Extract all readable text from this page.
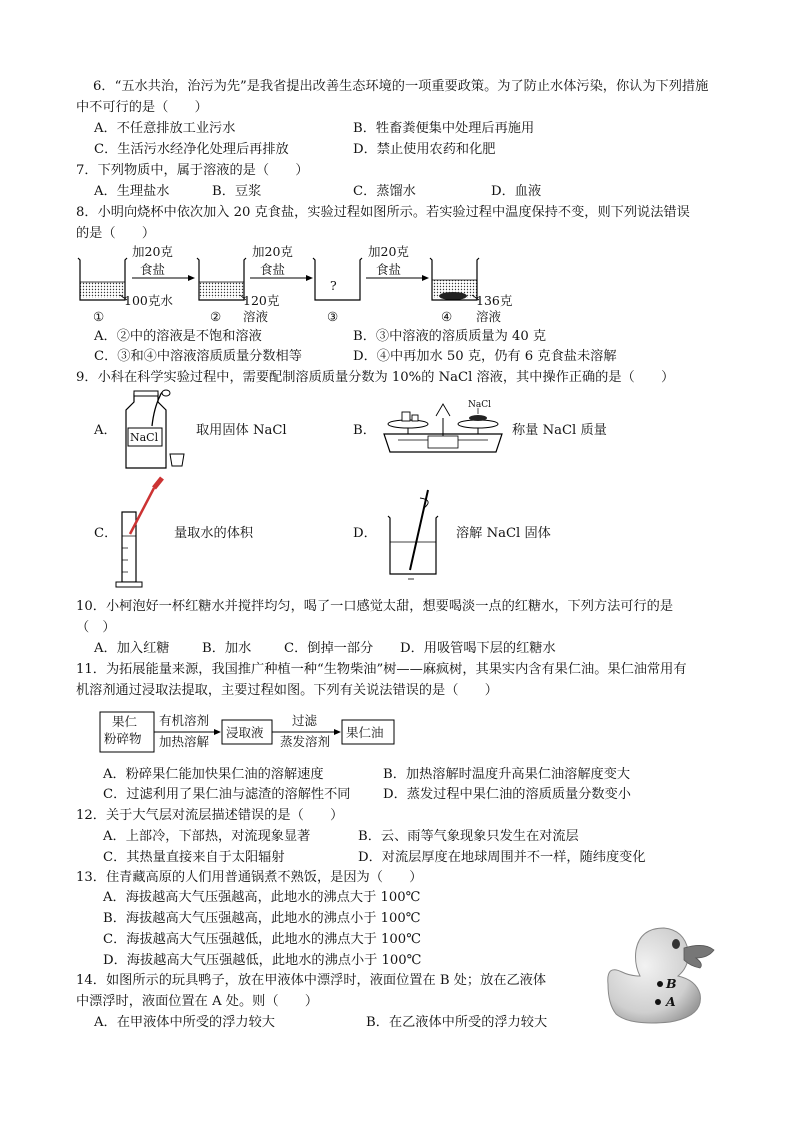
6．“五水共治，治污为先”是我省提出改善生态环境的一项重要政策。为了防止水体污染，你认为下列措施
中不可行的是（　　）
A．不任意排放工业污水	B．牲畜粪便集中处理后再施用
C．生活污水经净化处理后再排放	D．禁止使用农药和化肥
7．下列物质中，属于溶液的是（　　）
A．生理盐水	B．豆浆	C．蒸馏水	D．血液
8．小明向烧杯中依次加入 20 克食盐，实验过程如图所示。若实验过程中温度保持不变，则下列说法错误
的是（　　）
加20克
食盐
加20克
食盐
加20克
食盐
100克水	120克
溶液
?
136克
溶液
①	②	③	④
A．②中的溶液是不饱和溶液	B．③中溶液的溶质质量为 40 克
C．③和④中溶液溶质质量分数相等	D．④中再加水 50 克，仍有 6 克食盐未溶解
9．小科在科学实验过程中，需要配制溶质质量分数为 10%的 NaCl 溶液，其中操作正确的是（　　）
A． NaCl	取用固体 NaCl	B．
NaCl
称量 NaCl 质量
C．	量取水的体积	D．	溶解 NaCl 固体
10．小柯泡好一杯红糖水并搅拌均匀，喝了一口感觉太甜，想要喝淡一点的红糖水，下列方法可行的是
（　）
A．加入红糖 B．加水 C．倒掉一部分 D．用吸管喝下层的红糖水
11．为拓展能量来源，我国推广种植一种“生物柴油”树——麻疯树，其果实内含有果仁油。果仁油常用有
机溶剂通过浸取法提取，主要过程如图。下列有关说法错误的是（　　）
果仁
粉碎物
有机溶剂
加热溶解
浸取液
过滤
蒸发溶剂
果仁油
A．粉碎果仁能加快果仁油的溶解速度	B．加热溶解时温度升高果仁油溶解度变大
C．过滤利用了果仁油与滤渣的溶解性不同 D．蒸发过程中果仁油的溶质质量分数变小
12．关于大气层对流层描述错误的是（　　）
A．上部冷，下部热，对流现象显著	B．云、雨等气象现象只发生在对流层
C．其热量直接来自于太阳辐射	D．对流层厚度在地球周围并不一样，随纬度变化
13．住青藏高原的人们用普通锅煮不熟饭，是因为（　　）
A．海拔越高大气压强越高，此地水的沸点大于 100℃
B．海拔越高大气压强越高，此地水的沸点小于 100℃
C．海拔越高大气压强越低，此地水的沸点大于 100℃
D．海拔越高大气压强越低，此地水的沸点小于 100℃
14．如图所示的玩具鸭子，放在甲液体中漂浮时，液面位置在 B 处；放在乙液体
中漂浮时，液面位置在 A 处。则（　　）
A．在甲液体中所受的浮力较大	B．在乙液体中所受的浮力较大
B
A
